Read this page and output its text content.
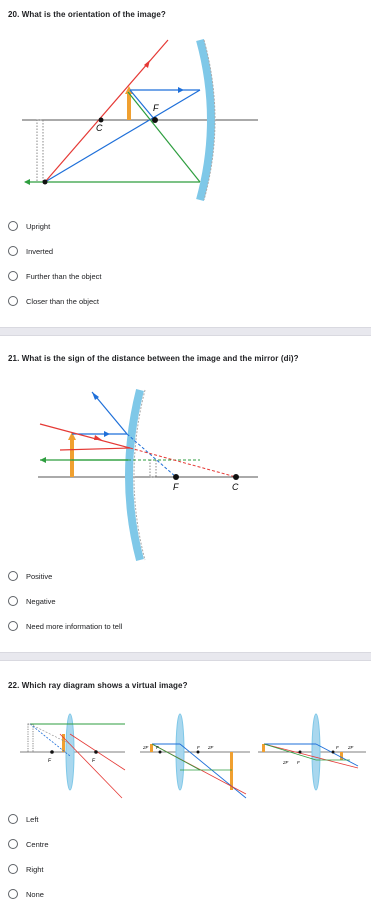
20. What is the orientation of the image?
C
F
Upright
Inverted
Further than the object
Closer than the object
21. What is the sign of the distance between the image and the mirror (di)?
F	C
Positive
Negative
Need more information to tell
22. Which ray diagram shows a virtual image?
F	F
2F F	F 2F
2F F
F 2F
Left
Centre
Right
None
